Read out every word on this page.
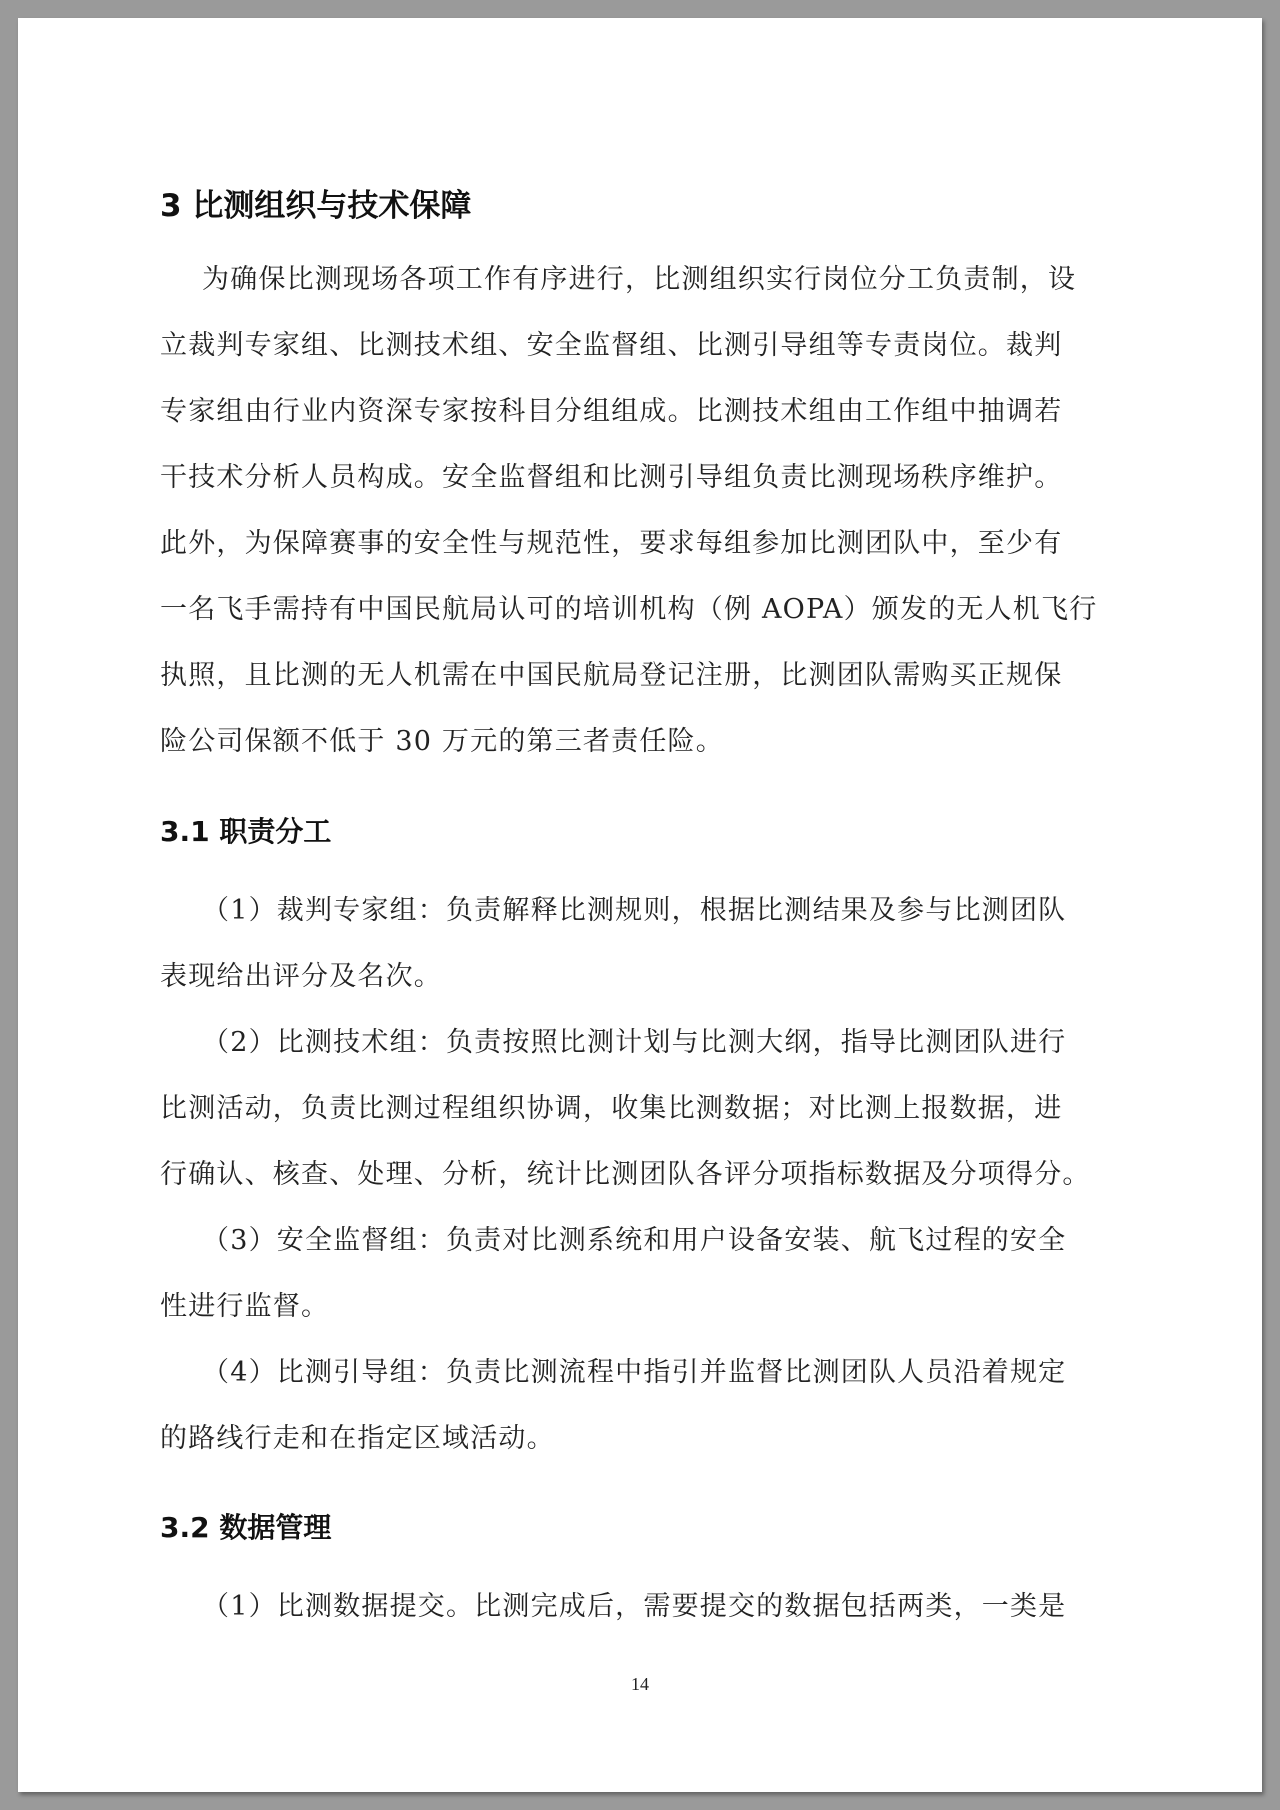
3 比测组织与技术保障
为确保比测现场各项工作有序进行，比测组织实行岗位分工负责制，设
立裁判专家组、比测技术组、安全监督组、比测引导组等专责岗位。裁判
专家组由行业内资深专家按科目分组组成。比测技术组由工作组中抽调若
干技术分析人员构成。安全监督组和比测引导组负责比测现场秩序维护。
此外，为保障赛事的安全性与规范性，要求每组参加比测团队中，至少有
一名飞手需持有中国民航局认可的培训机构（例 AOPA）颁发的无人机飞行
执照，且比测的无人机需在中国民航局登记注册，比测团队需购买正规保
险公司保额不低于 30 万元的第三者责任险。
3.1 职责分工
（1）裁判专家组：负责解释比测规则，根据比测结果及参与比测团队
表现给出评分及名次。
（2）比测技术组：负责按照比测计划与比测大纲，指导比测团队进行
比测活动，负责比测过程组织协调，收集比测数据；对比测上报数据，进
行确认、核查、处理、分析，统计比测团队各评分项指标数据及分项得分。
（3）安全监督组：负责对比测系统和用户设备安装、航飞过程的安全
性进行监督。
（4）比测引导组：负责比测流程中指引并监督比测团队人员沿着规定
的路线行走和在指定区域活动。
3.2 数据管理
（1）比测数据提交。比测完成后，需要提交的数据包括两类，一类是
14
